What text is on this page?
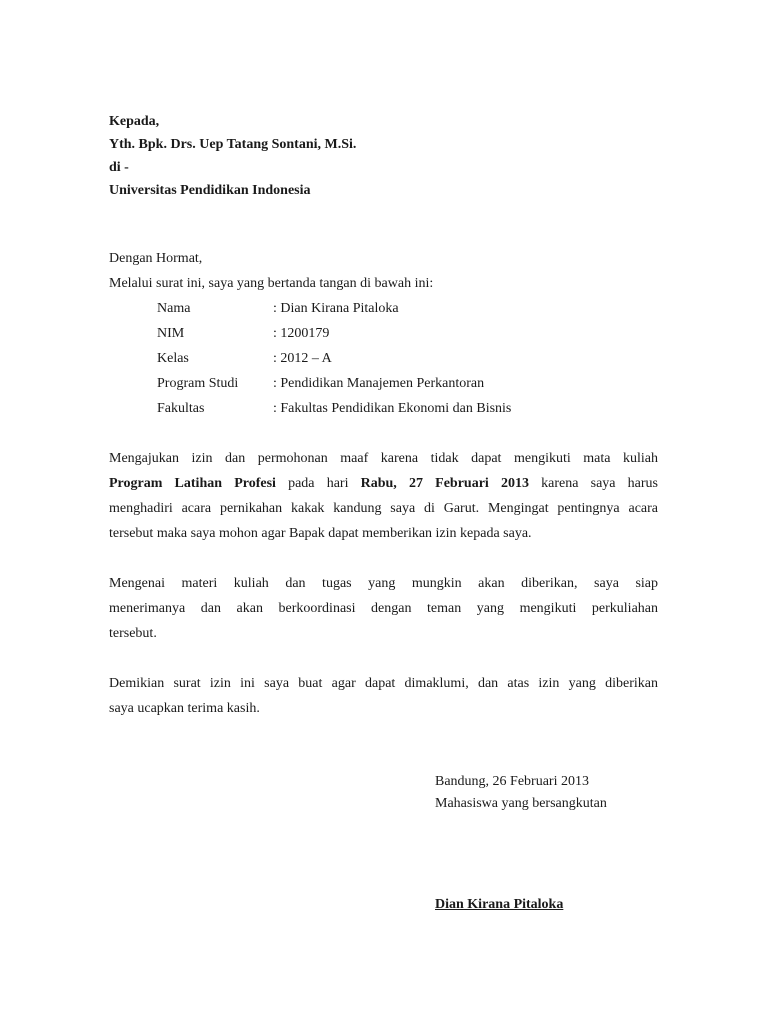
Kepada,
Yth. Bpk. Drs. Uep Tatang Sontani, M.Si.
di -
Universitas Pendidikan Indonesia
Dengan Hormat,
Melalui surat ini, saya yang bertanda tangan di bawah ini:
Nama	: Dian Kirana Pitaloka
NIM	: 1200179
Kelas	: 2012 – A
Program Studi : Pendidikan Manajemen Perkantoran
Fakultas	: Fakultas Pendidikan Ekonomi dan Bisnis
Mengajukan izin dan permohonan maaf karena tidak dapat mengikuti mata kuliah
Program Latihan Profesi pada hari Rabu, 27 Februari 2013 karena saya harus
menghadiri acara pernikahan kakak kandung saya di Garut. Mengingat pentingnya acara
tersebut maka saya mohon agar Bapak dapat memberikan izin kepada saya.
Mengenai materi kuliah dan tugas yang mungkin akan diberikan, saya siap
menerimanya dan akan berkoordinasi dengan teman yang mengikuti perkuliahan
tersebut.
Demikian surat izin ini saya buat agar dapat dimaklumi, dan atas izin yang diberikan
saya ucapkan terima kasih.
Bandung, 26 Februari 2013
Mahasiswa yang bersangkutan
Dian Kirana Pitaloka
